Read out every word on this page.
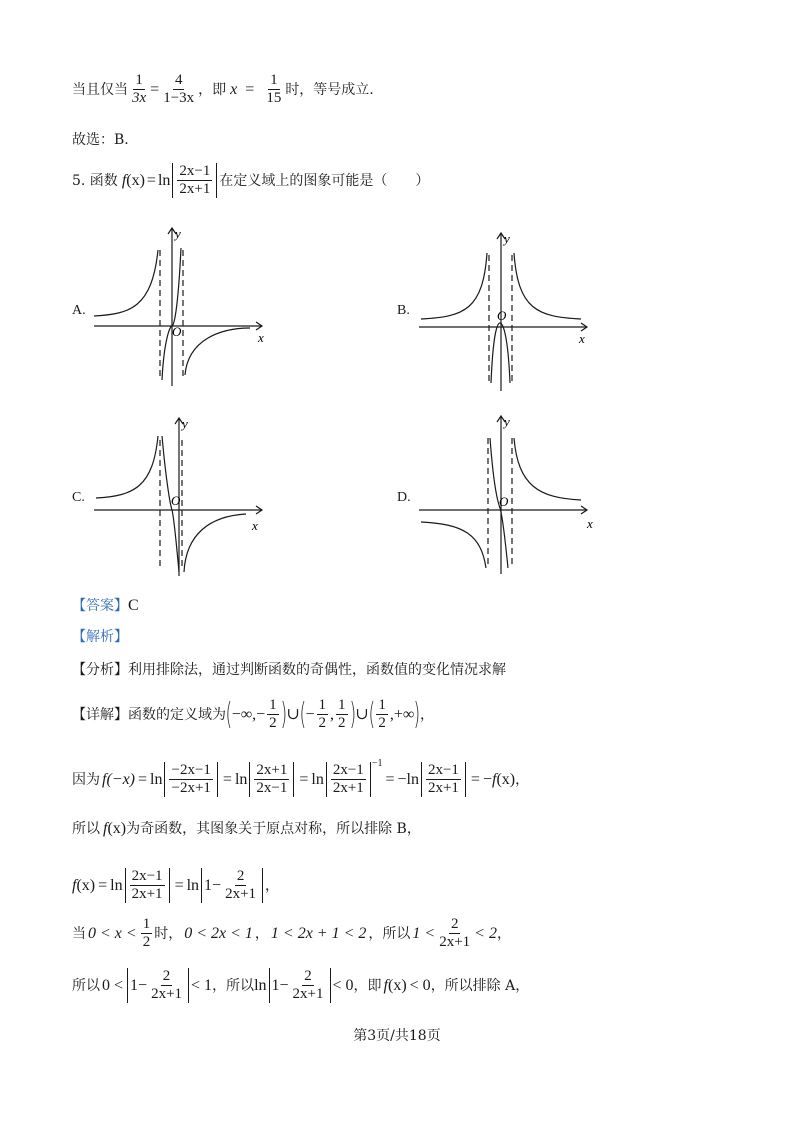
当且仅当 $\frac{1}{3x} = \frac{4}{1-3x}$ ，即 $x = \frac{1}{15}$ 时，等号成立.
故选：B.
5. 函数 f $(x) = \ln \frac{2x-1}{2x+1}$ 在定义域上的图象可能是（　　）
A.	B.
C.	D.
y
x
O
y
x
O
y
x
O
y
x
O
【答案】 C
【解析】
【分析】 利用排除法，通过判断函数的奇偶性，函数值的变化情况求解
【详解】 函数的定义域为 ( −∞,− $\frac{1}{2}$ ) ∪ ( − $\frac{1}{2}$ , $\frac{1}{2}$ ) ∪ ( $\frac{1}{2}$ ,+∞ ) ，
因为 $f(-x) = \ln \frac{-2x-1}{-2x+1} = \ln \frac{2x+1}{2x-1} = \ln \frac{2x-1}{2x+1} -1$
= $-\ln \frac{2x-1}{2x+1}$ = − f (x) ，
所以 f (x) 为奇函数，其图象关于原点对称，所以排除 B，
f $(x) = \ln \frac{2x-1}{2x+1} = \ln 1- \frac{2}{2x+1}$ ，
当 $0 < x < \frac{1}{2}$ 时， 0 < 2x < 1 ， 1 < 2x + 1 < 2 ，所以 $1 < \frac{2}{2x+1} < 2$ ，
所以 $0 < 1- \frac{2}{2x+1} < 1$ ，所以 $\ln 1- \frac{2}{2x+1} < 0$ ，即 f (x) < 0 ，所以排除 A，
第3页/共18页
